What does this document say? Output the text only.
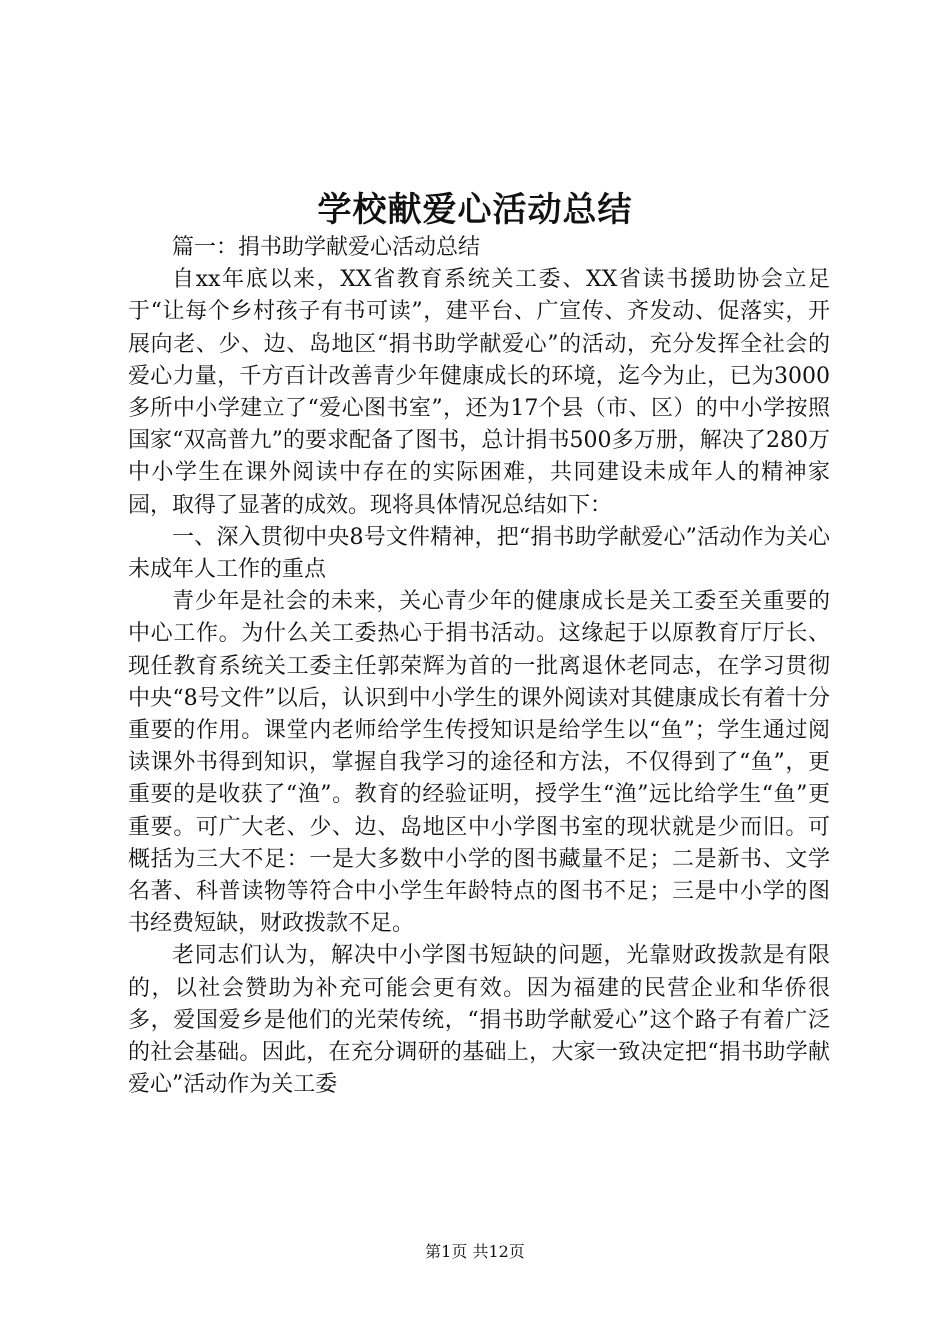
学校献爱心活动总结

篇一：捐书助学献爱心活动总结

自xx年底以来，XX省教育系统关工委、XX省读书援助协会立足于“让每个乡村孩子有书可读”，建平台、广宣传、齐发动、促落实，开展向老、少、边、岛地区“捐书助学献爱心”的活动，充分发挥全社会的爱心力量，千方百计改善青少年健康成长的环境，迄今为止，已为3000多所中小学建立了“爱心图书室”，还为17个县（市、区）的中小学按照国家“双高普九”的要求配备了图书，总计捐书500多万册，解决了280万中小学生在课外阅读中存在的实际困难，共同建设未成年人的精神家园，取得了显著的成效。现将具体情况总结如下：

一、深入贯彻中央8号文件精神，把“捐书助学献爱心”活动作为关心未成年人工作的重点

青少年是社会的未来，关心青少年的健康成长是关工委至关重要的中心工作。为什么关工委热心于捐书活动。这缘起于以原教育厅厅长、现任教育系统关工委主任郭荣辉为首的一批离退休老同志，在学习贯彻中央“8号文件”以后，认识到中小学生的课外阅读对其健康成长有着十分重要的作用。课堂内老师给学生传授知识是给学生以“鱼”；学生通过阅读课外书得到知识，掌握自我学习的途径和方法，不仅得到了“鱼”，更重要的是收获了“渔”。教育的经验证明，授学生“渔”远比给学生“鱼”更重要。可广大老、少、边、岛地区中小学图书室的现状就是少而旧。可概括为三大不足：一是大多数中小学的图书藏量不足；二是新书、文学名著、科普读物等符合中小学生年龄特点的图书不足；三是中小学的图书经费短缺，财政拨款不足。

老同志们认为，解决中小学图书短缺的问题，光靠财政拨款是有限的，以社会赞助为补充可能会更有效。因为福建的民营企业和华侨很多，爱国爱乡是他们的光荣传统，“捐书助学献爱心”这个路子有着广泛的社会基础。因此，在充分调研的基础上，大家一致决定把“捐书助学献爱心”活动作为关工委

第1页 共12页
